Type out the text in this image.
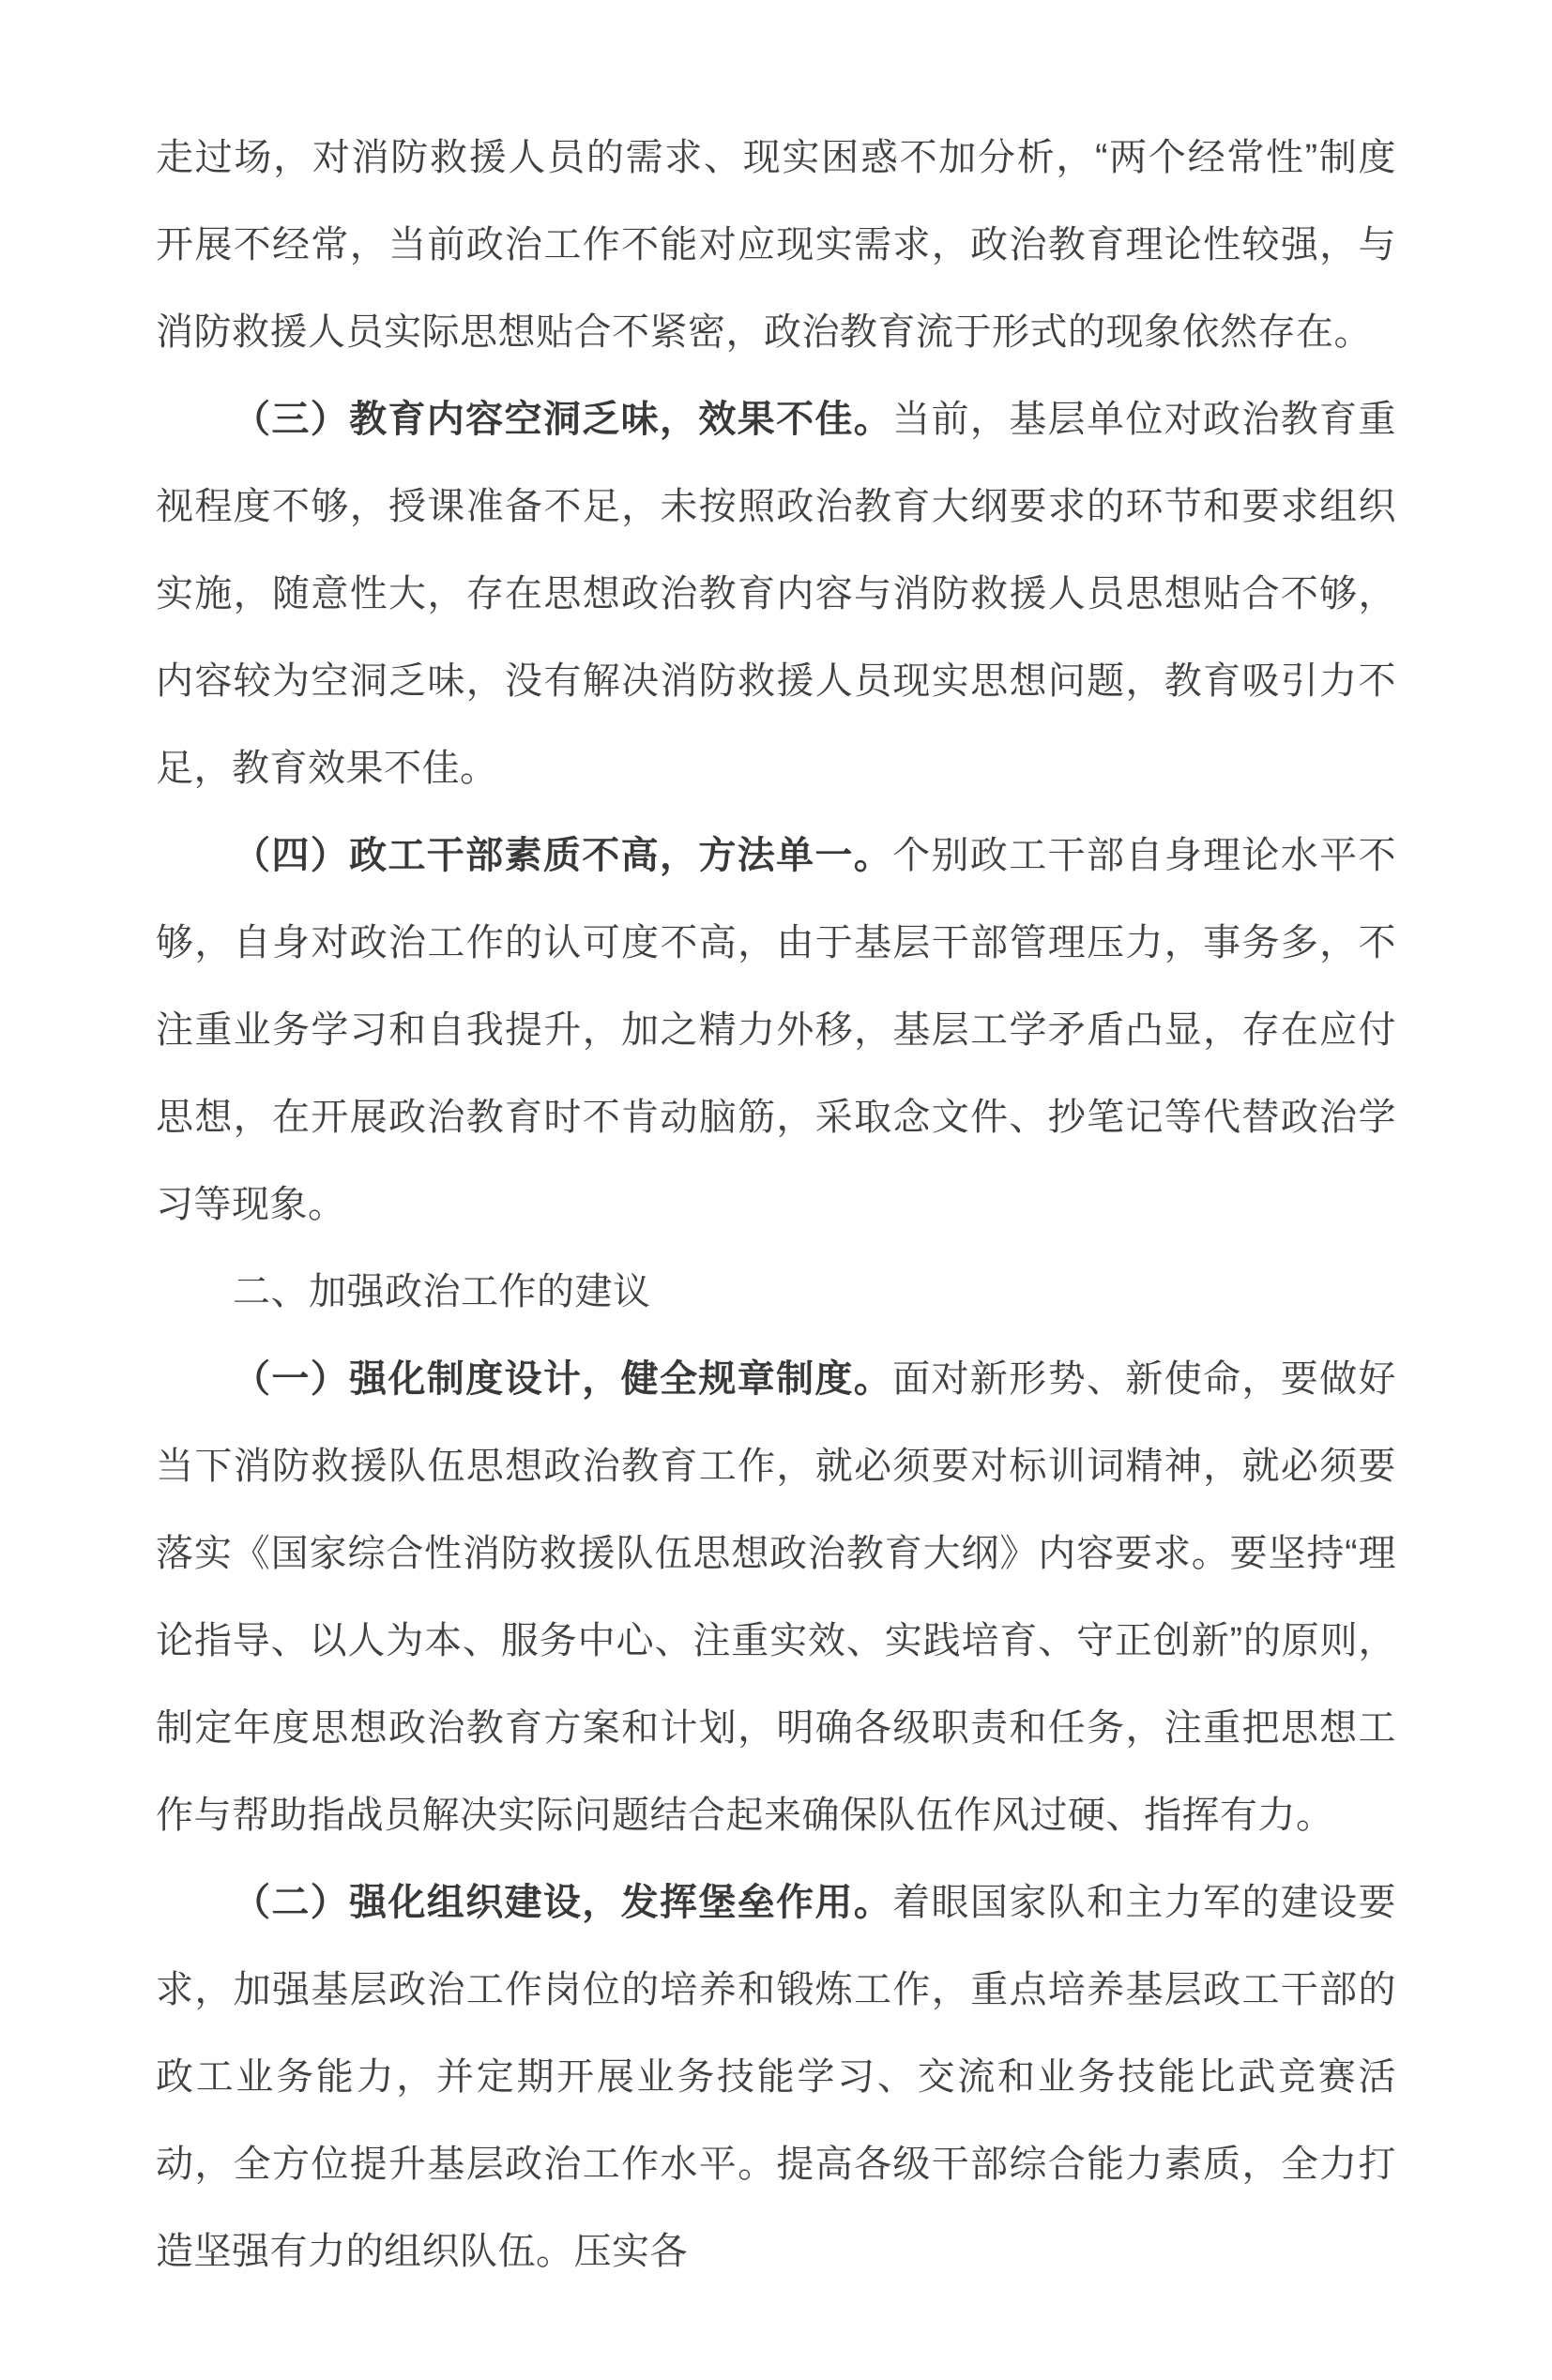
走过场，对消防救援人员的需求、现实困惑不加分析，“两个经常性”制度开展不经常，当前政治工作不能对应现实需求，政治教育理论性较强，与消防救援人员实际思想贴合不紧密，政治教育流于形式的现象依然存在。

（三）教育内容空洞乏味，效果不佳。当前，基层单位对政治教育重视程度不够，授课准备不足，未按照政治教育大纲要求的环节和要求组织实施，随意性大，存在思想政治教育内容与消防救援人员思想贴合不够，内容较为空洞乏味，没有解决消防救援人员现实思想问题，教育吸引力不足，教育效果不佳。

（四）政工干部素质不高，方法单一。个别政工干部自身理论水平不够，自身对政治工作的认可度不高，由于基层干部管理压力，事务多，不注重业务学习和自我提升，加之精力外移，基层工学矛盾凸显，存在应付思想，在开展政治教育时不肯动脑筋，采取念文件、抄笔记等代替政治学习等现象。

二、加强政治工作的建议

（一）强化制度设计，健全规章制度。面对新形势、新使命，要做好当下消防救援队伍思想政治教育工作，就必须要对标训词精神，就必须要落实《国家综合性消防救援队伍思想政治教育大纲》内容要求。要坚持“理论指导、以人为本、服务中心、注重实效、实践培育、守正创新”的原则，制定年度思想政治教育方案和计划，明确各级职责和任务，注重把思想工作与帮助指战员解决实际问题结合起来确保队伍作风过硬、指挥有力。

（二）强化组织建设，发挥堡垒作用。着眼国家队和主力军的建设要求，加强基层政治工作岗位的培养和锻炼工作，重点培养基层政工干部的政工业务能力，并定期开展业务技能学习、交流和业务技能比武竞赛活动，全方位提升基层政治工作水平。提高各级干部综合能力素质，全力打造坚强有力的组织队伍。压实各
